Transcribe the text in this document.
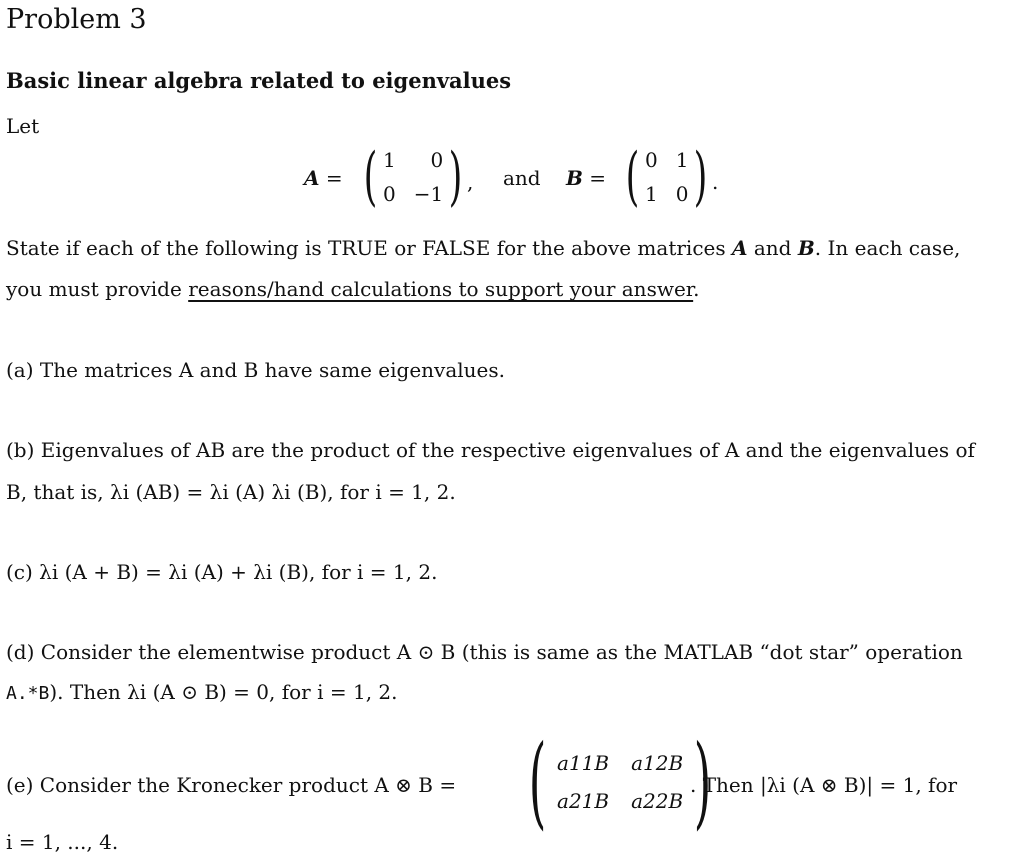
Problem 3
Basic linear algebra related to eigenvalues
Let
A = ( 1	0
0 −1 ) , and B = ( 0 1
1 0 ) .
State if each of the following is TRUE or FALSE for the above matrices A and B. In each case,
you must provide reasons/hand calculations to support your answer.
(a) The matrices A and B have same eigenvalues.
(b) Eigenvalues of AB are the product of the respective eigenvalues of A and the eigenvalues of
B, that is, λi (AB) = λi (A) λi (B), for i = 1, 2.
(c) λi (A + B) = λi (A) + λi (B), for i = 1, 2.
(d) Consider the elementwise product A ⊙ B (this is same as the MATLAB “dot star” operation
A.*B). Then λi (A ⊙ B) = 0, for i = 1, 2.
(e) Consider the Kronecker product A ⊗ B = ( a11B a12B
a21B a22B )
. Then |λi (A ⊗ B)| = 1, for
i = 1, ..., 4.
